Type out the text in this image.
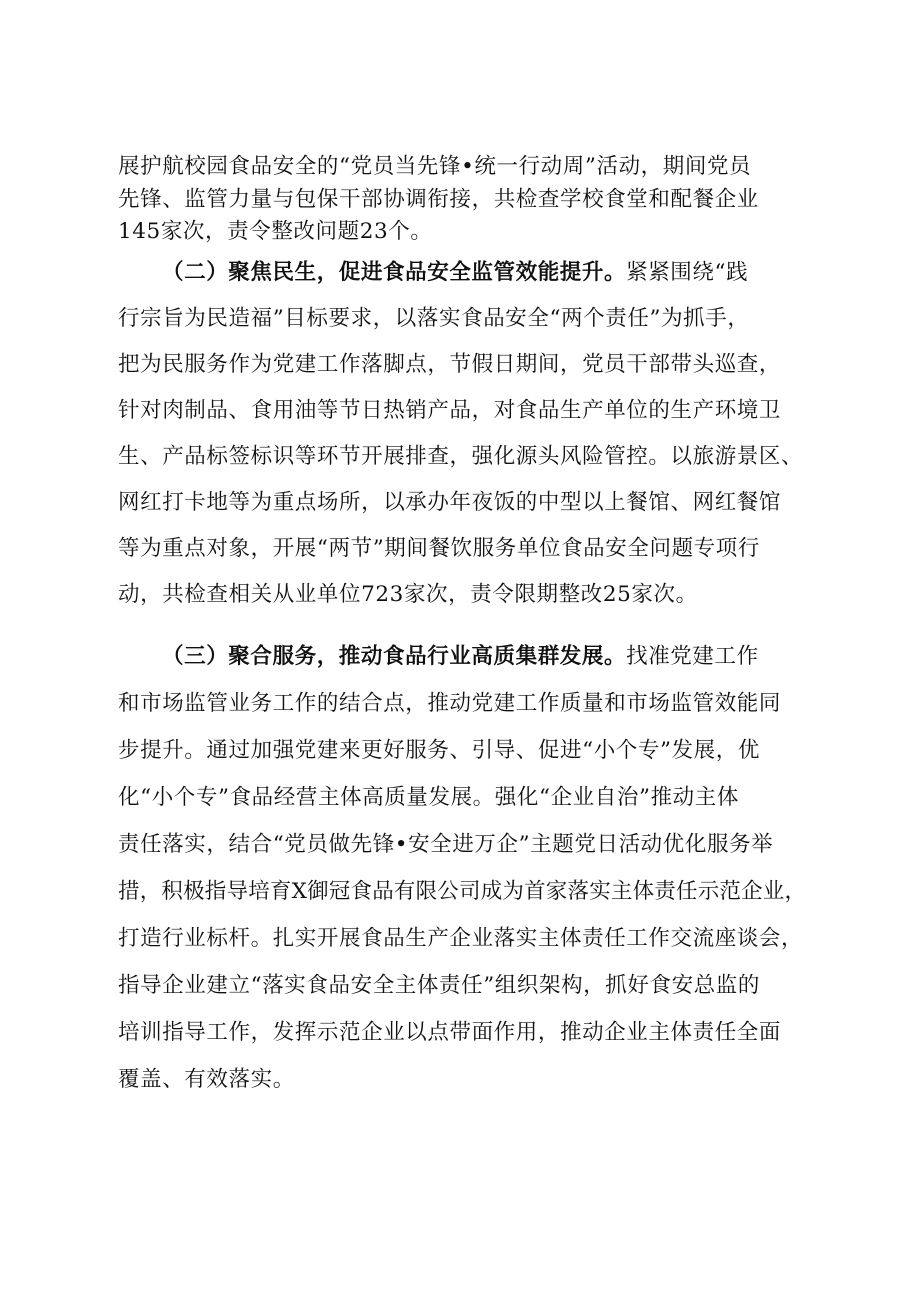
展护航校园食品安全的“党员当先锋•统一行动周”活动，期间党员
先锋、监管力量与包保干部协调衔接，共检查学校食堂和配餐企业
145家次，责令整改问题23个。
（二）聚焦民生，促进食品安全监管效能提升。紧紧围绕“践
行宗旨为民造福”目标要求，以落实食品安全“两个责任”为抓手，
把为民服务作为党建工作落脚点，节假日期间，党员干部带头巡查，
针对肉制品、食用油等节日热销产品，对食品生产单位的生产环境卫
生、产品标签标识等环节开展排查，强化源头风险管控。以旅游景区、
网红打卡地等为重点场所，以承办年夜饭的中型以上餐馆、网红餐馆
等为重点对象，开展“两节”期间餐饮服务单位食品安全问题专项行
动，共检查相关从业单位723家次，责令限期整改25家次。
（三）聚合服务，推动食品行业高质集群发展。找准党建工作
和市场监管业务工作的结合点，推动党建工作质量和市场监管效能同
步提升。通过加强党建来更好服务、引导、促进“小个专”发展，优
化“小个专”食品经营主体高质量发展。强化“企业自治”推动主体
责任落实，结合“党员做先锋•安全进万企”主题党日活动优化服务举
措，积极指导培育X御冠食品有限公司成为首家落实主体责任示范企业，
打造行业标杆。扎实开展食品生产企业落实主体责任工作交流座谈会，
指导企业建立“落实食品安全主体责任”组织架构，抓好食安总监的
培训指导工作，发挥示范企业以点带面作用，推动企业主体责任全面
覆盖、有效落实。
